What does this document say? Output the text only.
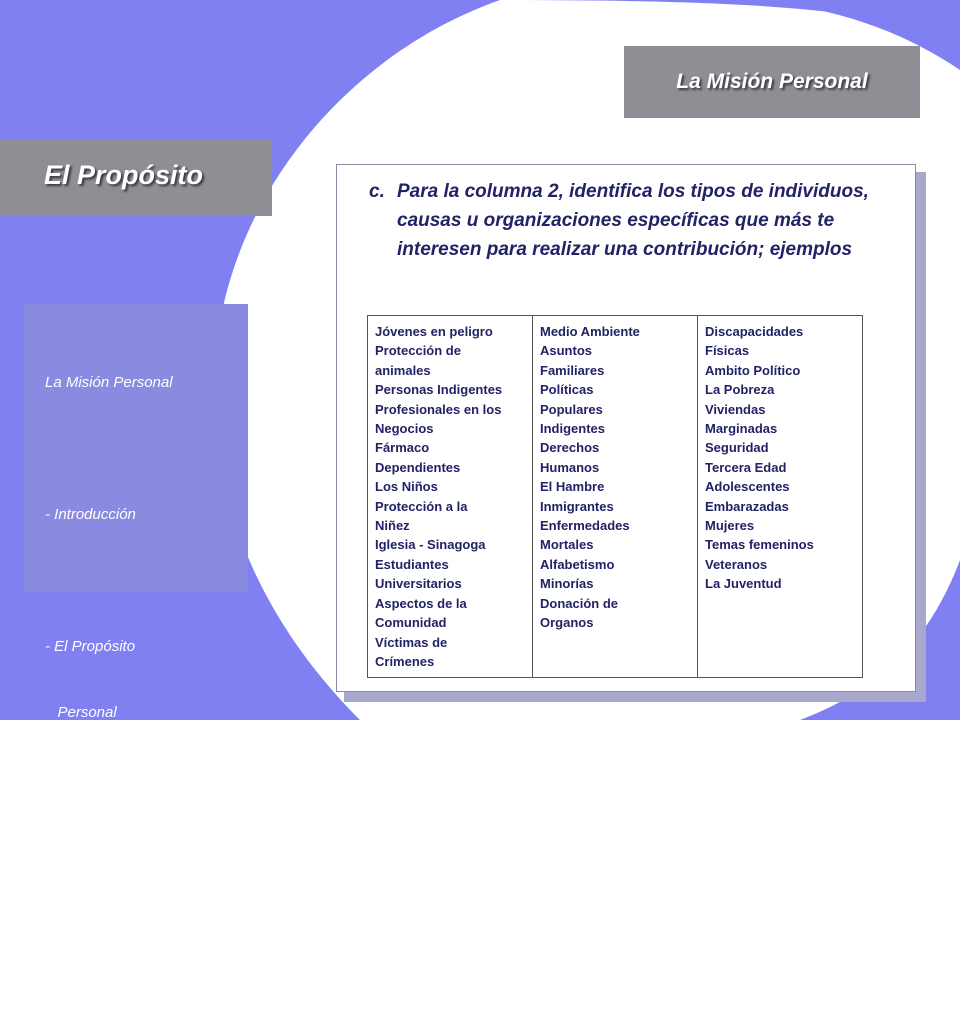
La Misión Personal
El Propósito

La Misión Personal

- Introducción

- El Propósito

Personal

- La Pasíon

- La Convicción

c. Para la columna 2, identifica los tipos de individuos, causas u organizaciones específicas que más te interesen para realizar una contribución; ejemplos
Jóvenes en peligro
Protección de
animales
Personas Indigentes
Profesionales en los
Negocios
Fármaco
Dependientes
Los Niños
Protección a la
Niñez
Iglesia - Sinagoga
Estudiantes
Universitarios
Aspectos de la
Comunidad
Víctimas de
Crímenes

Medio Ambiente
Asuntos
Familiares
Políticas
Populares
Indigentes
Derechos
Humanos
El Hambre
Inmigrantes
Enfermedades
Mortales
Alfabetismo
Minorías
Donación de
Organos

Discapacidades
Físicas
Ambito Político
La Pobreza
Viviendas
Marginadas
Seguridad
Tercera Edad
Adolescentes
Embarazadas
Mujeres
Temas femeninos
Veteranos
La Juventud
